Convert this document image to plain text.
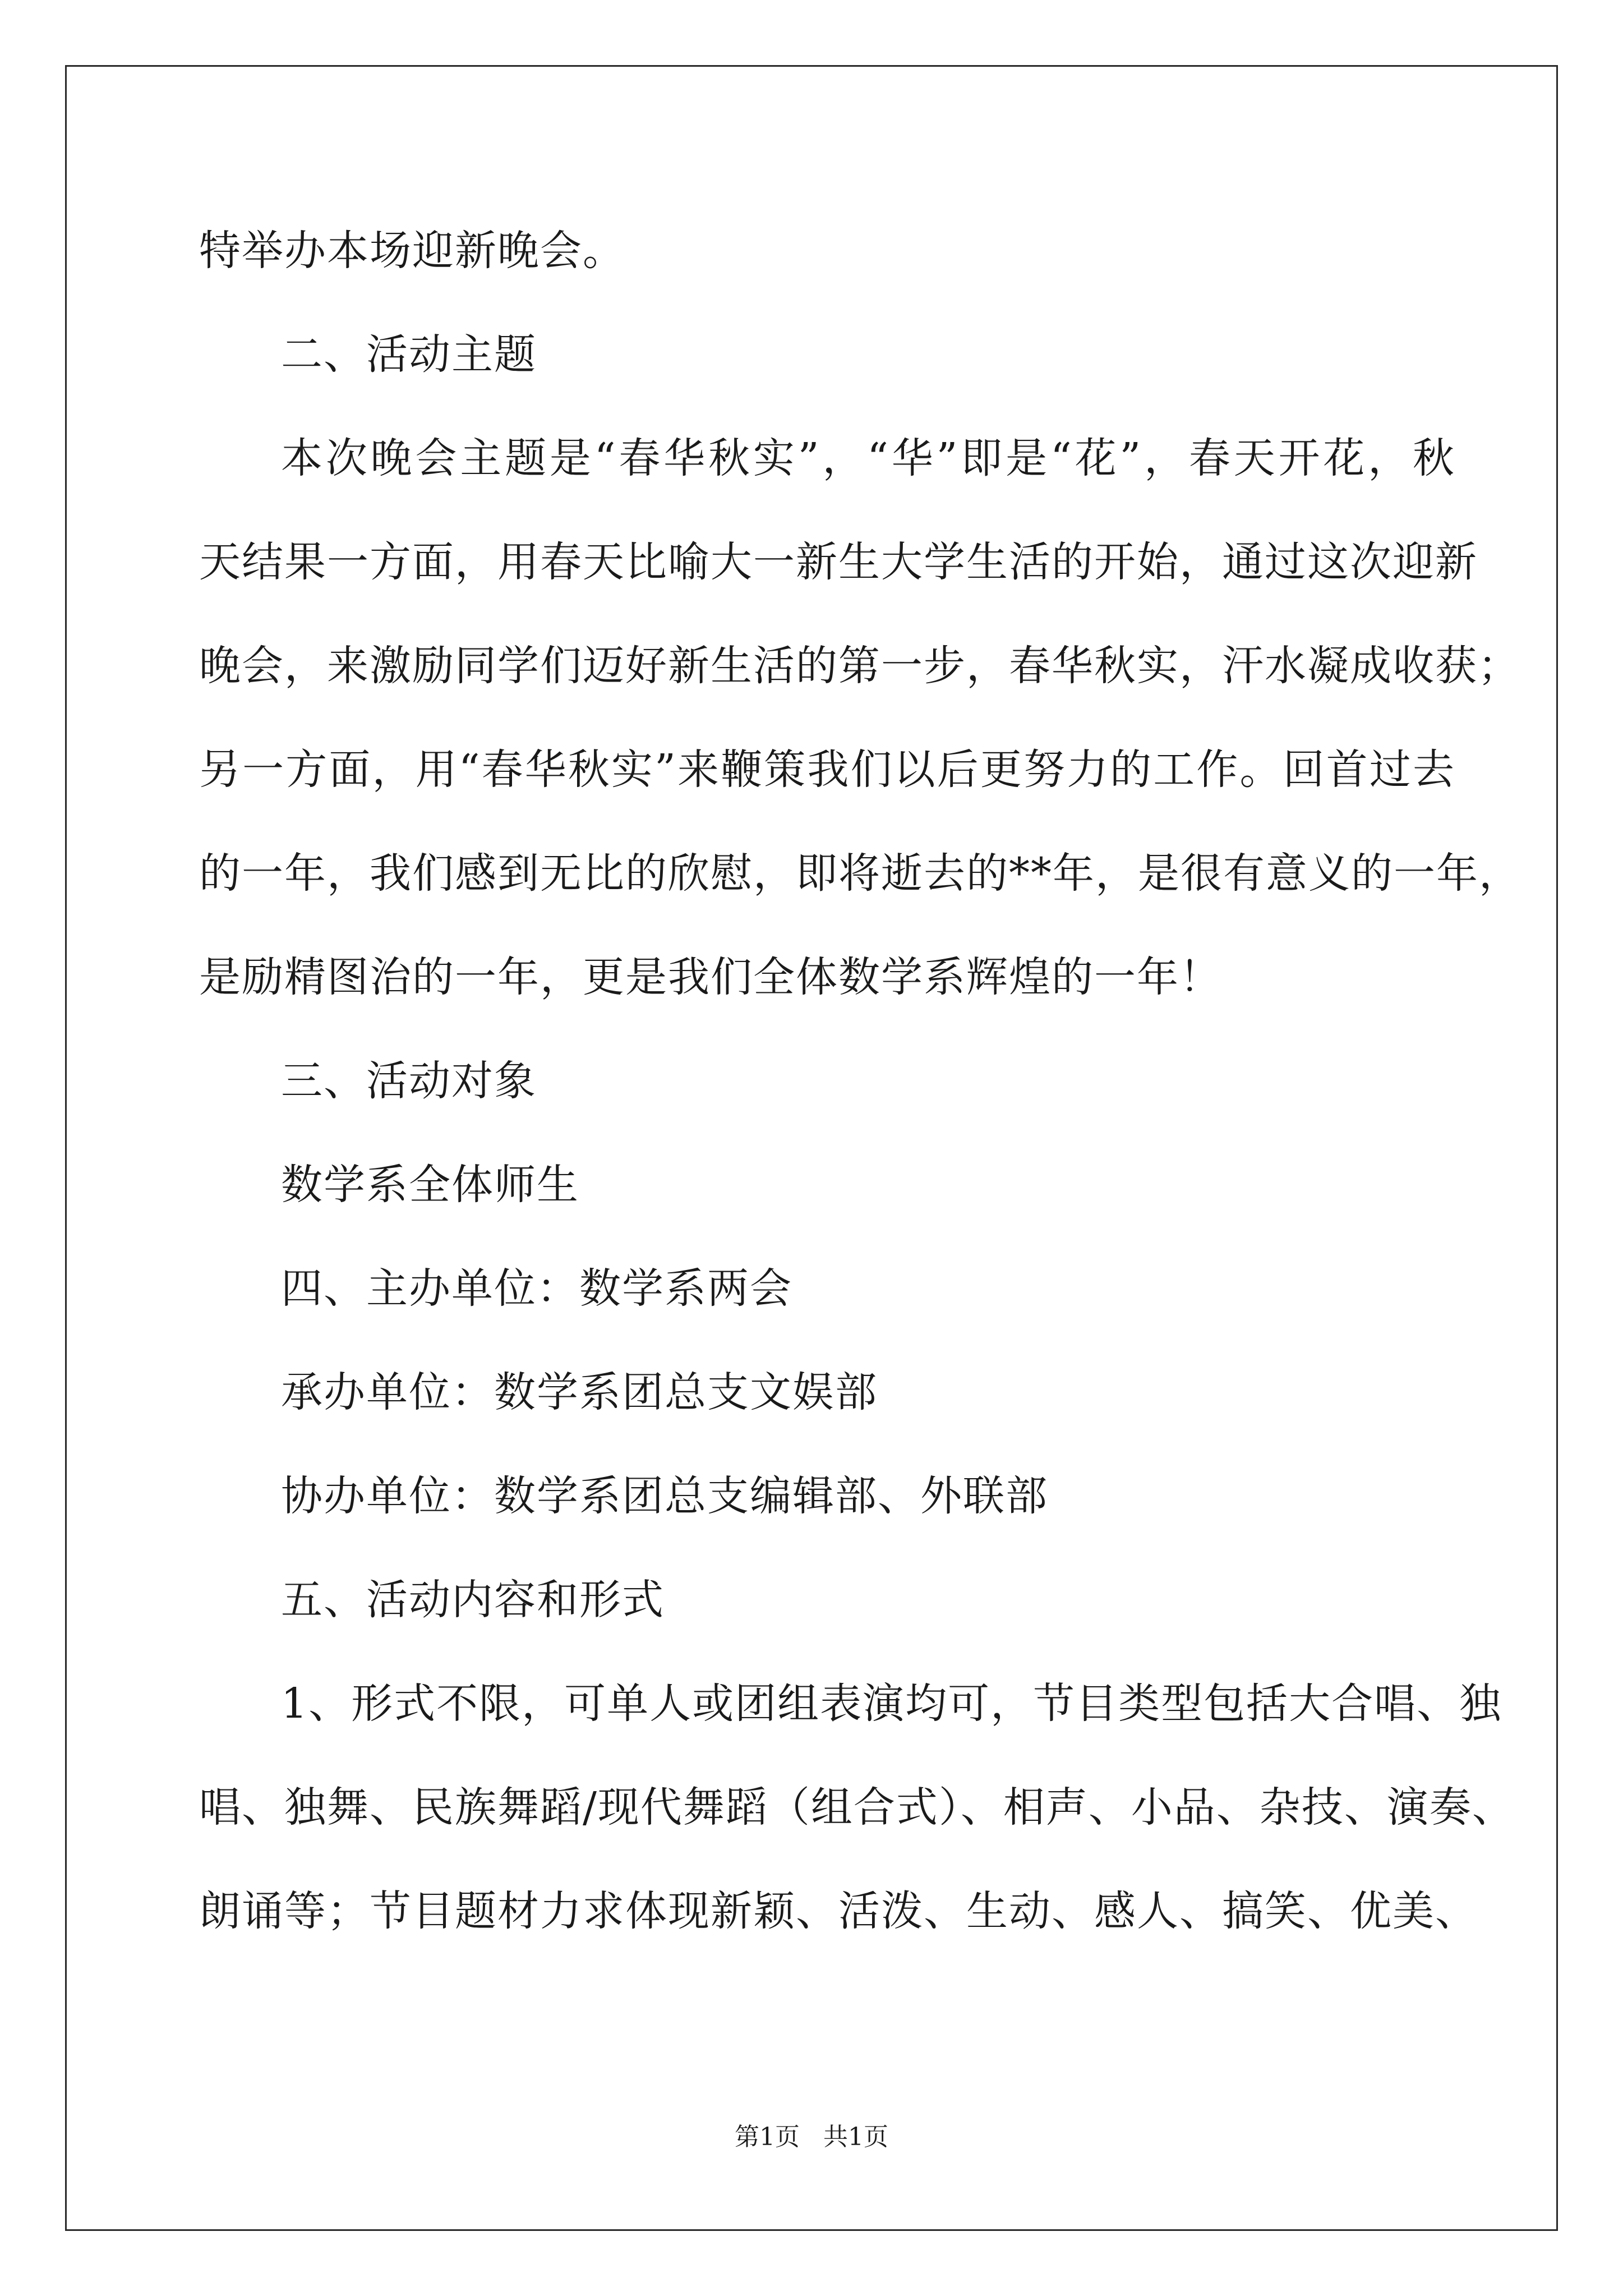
特举办本场迎新晚会。
二、活动主题
本次晚会主题是“春华秋实”，“华”即是“花”，春天开花，秋
天结果一方面，用春天比喻大一新生大学生活的开始，通过这次迎新
晚会，来激励同学们迈好新生活的第一步，春华秋实，汗水凝成收获；
另一方面，用“春华秋实”来鞭策我们以后更努力的工作。回首过去
的一年，我们感到无比的欣慰，即将逝去的**年，是很有意义的一年，
是励精图治的一年，更是我们全体数学系辉煌的一年！
三、活动对象
数学系全体师生
四、主办单位：数学系两会
承办单位：数学系团总支文娱部
协办单位：数学系团总支编辑部、外联部
五、活动内容和形式
1、形式不限，可单人或团组表演均可，节目类型包括大合唱、独
唱、独舞、民族舞蹈/现代舞蹈（组合式）、相声、小品、杂技、演奏、
朗诵等；节目题材力求体现新颖、活泼、生动、感人、搞笑、优美、
第1页   共1页
